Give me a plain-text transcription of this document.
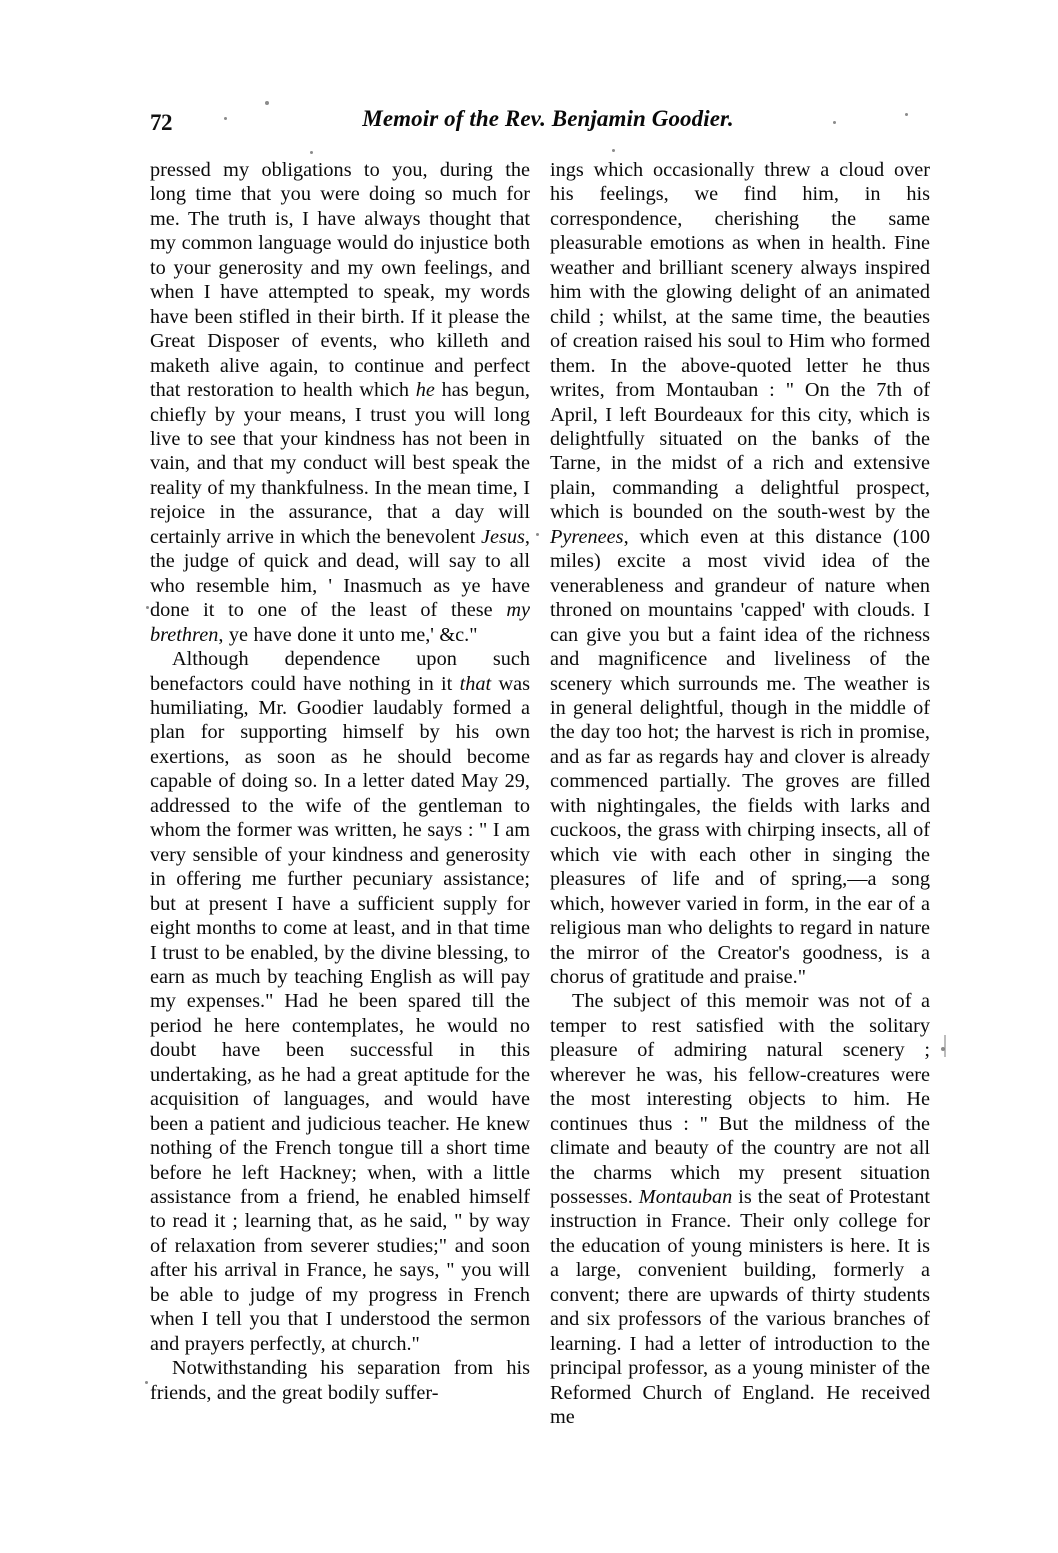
72	Memoir of the Rev. Benjamin Goodier.

pressed my obligations to you, during the long time that you were doing so much for me. The truth is, I have always thought that my common language would do injustice both to your generosity and my own feelings, and when I have attempted to speak, my words have been stifled in their birth. If it please the Great Disposer of events, who killeth and maketh alive again, to continue and perfect that restoration to health which he has begun, chiefly by your means, I trust you will long live to see that your kindness has not been in vain, and that my conduct will best speak the reality of my thankfulness. In the mean time, I rejoice in the assurance, that a day will certainly arrive in which the benevolent Jesus, the judge of quick and dead, will say to all who resemble him, ' Inasmuch as ye have done it to one of the least of these my brethren, ye have done it unto me,' &c."

Although dependence upon such benefactors could have nothing in it that was humiliating, Mr. Goodier laudably formed a plan for supporting himself by his own exertions, as soon as he should become capable of doing so. In a letter dated May 29, addressed to the wife of the gentleman to whom the former was written, he says : " I am very sensible of your kindness and generosity in offering me further pecuniary assistance; but at present I have a sufficient supply for eight months to come at least, and in that time I trust to be enabled, by the divine blessing, to earn as much by teaching English as will pay my expenses." Had he been spared till the period he here contemplates, he would no doubt have been successful in this undertaking, as he had a great aptitude for the acquisition of languages, and would have been a patient and judicious teacher. He knew nothing of the French tongue till a short time before he left Hackney; when, with a little assistance from a friend, he enabled himself to read it ; learning that, as he said, " by way of relaxation from severer studies;" and soon after his arrival in France, he says, " you will be able to judge of my progress in French when I tell you that I understood the sermon and prayers perfectly, at church."

Notwithstanding his separation from his friends, and the great bodily suffer-

ings which occasionally threw a cloud over his feelings, we find him, in his correspondence, cherishing the same pleasurable emotions as when in health. Fine weather and brilliant scenery always inspired him with the glowing delight of an animated child ; whilst, at the same time, the beauties of creation raised his soul to Him who formed them. In the above-quoted letter he thus writes, from Montauban : " On the 7th of April, I left Bourdeaux for this city, which is delightfully situated on the banks of the Tarne, in the midst of a rich and extensive plain, commanding a delightful prospect, which is bounded on the south-west by the Pyrenees, which even at this distance (100 miles) excite a most vivid idea of the venerableness and grandeur of nature when throned on mountains 'capped' with clouds. I can give you but a faint idea of the richness and magnificence and liveliness of the scenery which surrounds me. The weather is in general delightful, though in the middle of the day too hot; the harvest is rich in promise, and as far as regards hay and clover is already commenced partially. The groves are filled with nightingales, the fields with larks and cuckoos, the grass with chirping insects, all of which vie with each other in singing the pleasures of life and of spring,—a song which, however varied in form, in the ear of a religious man who delights to regard in nature the mirror of the Creator's goodness, is a chorus of gratitude and praise."

The subject of this memoir was not of a temper to rest satisfied with the solitary pleasure of admiring natural scenery ; wherever he was, his fellow-creatures were the most interesting objects to him. He continues thus : " But the mildness of the climate and beauty of the country are not all the charms which my present situation possesses. Montauban is the seat of Protestant instruction in France. Their only college for the education of young ministers is here. It is a large, convenient building, formerly a convent; there are upwards of thirty students and six professors of the various branches of learning. I had a letter of introduction to the principal professor, as a young minister of the Reformed Church of England. He received me
